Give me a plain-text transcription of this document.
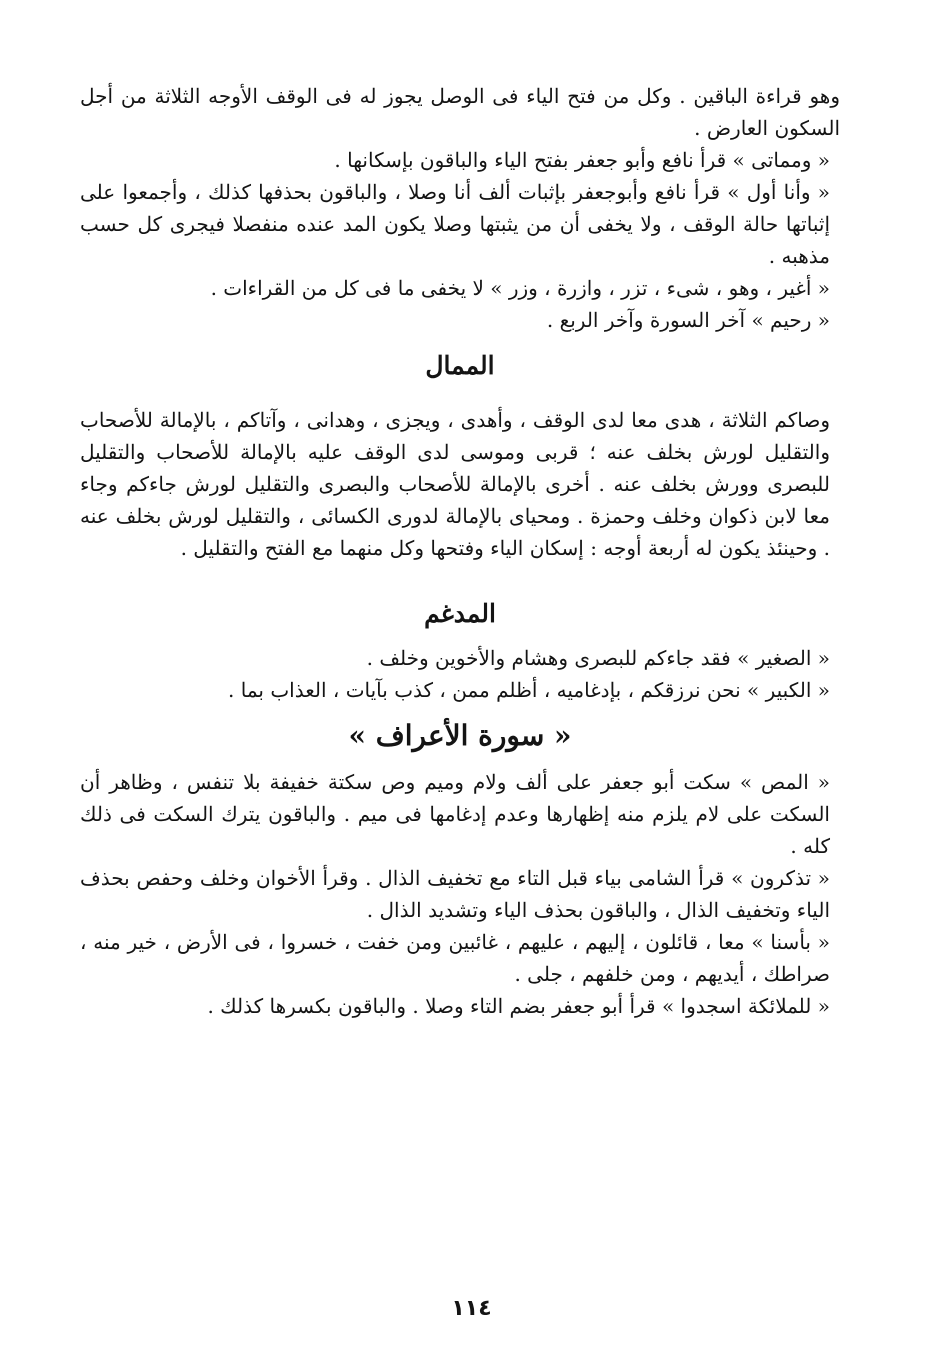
وهو قراءة الباقين . وكل من فتح الياء فى الوصل يجوز له فى الوقف الأوجه الثلاثة من أجل السكون العارض .

« ومماتى » قرأ نافع وأبو جعفر بفتح الياء والباقون بإسكانها .

« وأنا أول » قرأ نافع وأبوجعفر بإثبات ألف أنا وصلا ، والباقون بحذفها كذلك ، وأجمعوا على إثباتها حالة الوقف ، ولا يخفى أن من يثبتها وصلا يكون المد عنده منفصلا فيجرى كل حسب مذهبه .

« أغير ، وهو ، شىء ، تزر ، وازرة ، وزر » لا يخفى ما فى كل من القراءات .

« رحيم » آخر السورة وآخر الربع .

الممال

وصاكم الثلاثة ، هدى معا لدى الوقف ، وأهدى ، ويجزى ، وهدانى ، وآتاكم ، بالإمالة للأصحاب والتقليل لورش بخلف عنه ؛ قربى وموسى لدى الوقف عليه بالإمالة للأصحاب والتقليل للبصرى وورش بخلف عنه . أخرى بالإمالة للأصحاب والبصرى والتقليل لورش جاءكم وجاء معا لابن ذكوان وخلف وحمزة . ومحياى بالإمالة لدورى الكسائى ، والتقليل لورش بخلف عنه . وحينئذ يكون له أربعة أوجه : إسكان الياء وفتحها وكل منهما مع الفتح والتقليل .

المدغم

« الصغير » فقد جاءكم للبصرى وهشام والأخوين وخلف .

« الكبير » نحن نرزقكم ، بإدغاميه ، أظلم ممن ، كذب بآيات ، العذاب بما .

« سورة الأعراف »

« المص » سكت أبو جعفر على ألف ولام وميم وص سكتة خفيفة بلا تنفس ، وظاهر أن السكت على لام يلزم منه إظهارها وعدم إدغامها فى ميم . والباقون يترك السكت فى ذلك كله .

« تذكرون » قرأ الشامى بياء قبل التاء مع تخفيف الذال . وقرأ الأخوان وخلف وحفص بحذف الياء وتخفيف الذال ، والباقون بحذف الياء وتشديد الذال .

« بأسنا » معا ، قائلون ، إليهم ، عليهم ، غائبين ومن خفت ، خسروا ، فى الأرض ، خير منه ، صراطك ، أيديهم ، ومن خلفهم ، جلى .

« للملائكة اسجدوا » قرأ أبو جعفر بضم التاء وصلا . والباقون بكسرها كذلك .

١١٤
